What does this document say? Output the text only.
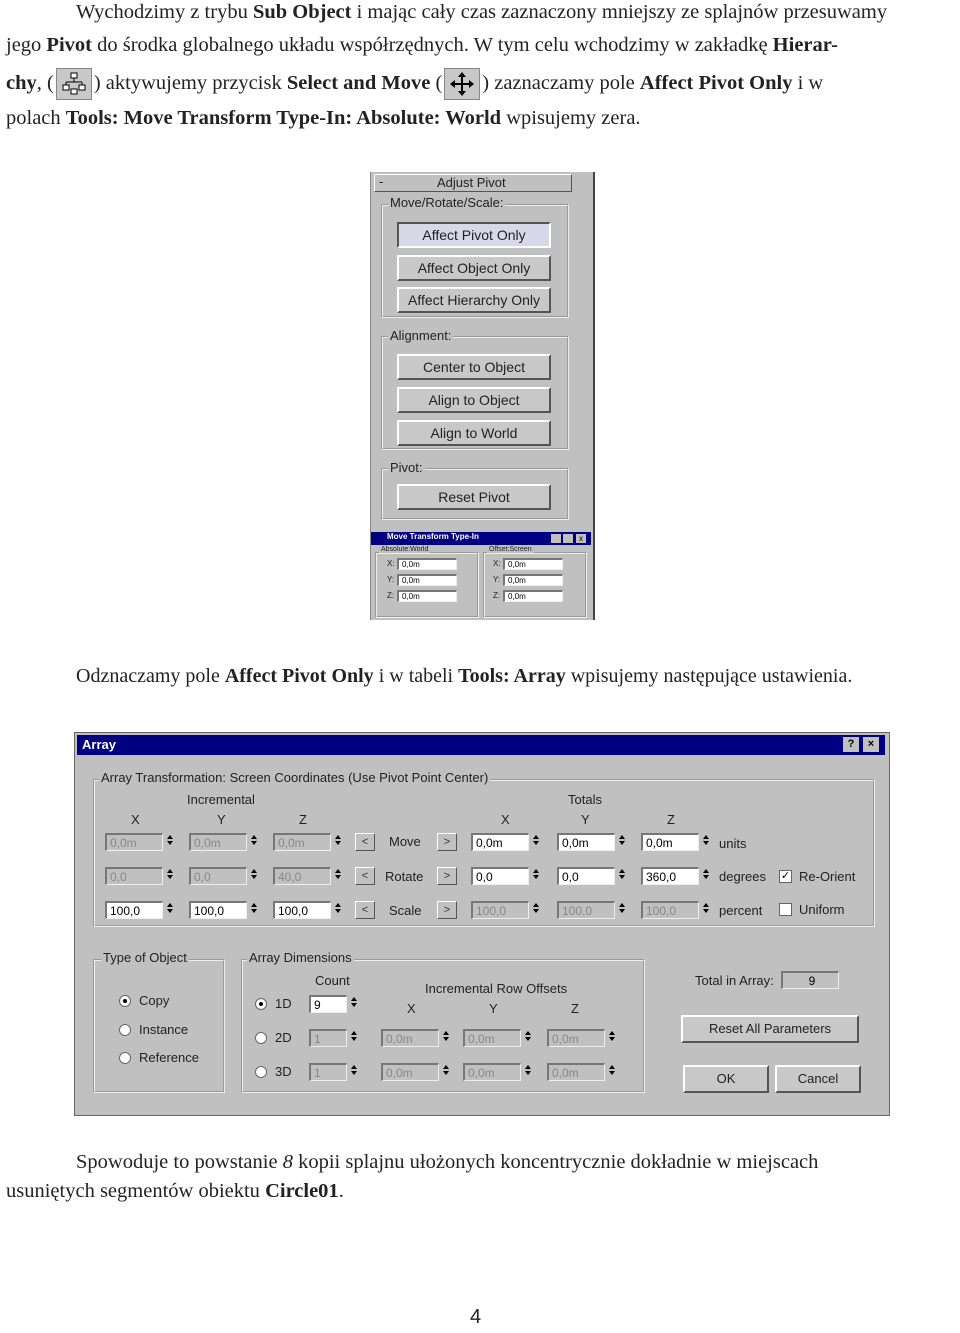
Wychodzimy z trybu Sub Object i mając cały czas zaznaczony mniejszy ze splajnów przesuwamy
jego Pivot do środka globalnego układu współrzędnych. W tym celu wchodzimy w zakładkę Hierar-
chy, ( ) aktywujemy przycisk Select and Move ( ) zaznaczamy pole Affect Pivot Only i w
polach Tools: Move Transform Type-In: Absolute: World wpisujemy zera.
-	Adjust Pivot
Move/Rotate/Scale:
Affect Pivot Only
Affect Object Only
Affect Hierarchy Only
Alignment:
Center to Object
Align to Object
Align to World
Pivot:
Reset Pivot
Move Transform Type-In	x
Absolute:World	Offset:Screen
X: 0,0m
Y: 0,0m
Z: 0,0m
X: 0,0m
Y: 0,0m
Z: 0,0m
Odznaczamy pole Affect Pivot Only i w tabeli Tools: Array wpisujemy następujące ustawienia.
Array	?	×
Array Transformation: Screen Coordinates (Use Pivot Point Center)
Incremental	Totals
X	Y	Z	X	Y	Z
0,0m	0,0m	0,0m	<	Move	>	0,0m	0,0m	0,0m	units
0,0	0,0	40,0	<	Rotate	>	0,0	0,0	360,0	degrees ✓ Re-Orient
100,0	100,0	100,0	<	Scale	>	100,0	100,0	100,0	percent	Uniform
Type of Object
Copy
Instance
Reference
Array Dimensions
Count
Incremental Row Offsets
X	Y	Z
1D	9
2D	1	0,0m	0,0m	0,0m
3D	1	0,0m	0,0m	0,0m
Total in Array:	9
Reset All Parameters
OK	Cancel
Spowoduje to powstanie 8 kopii splajnu ułożonych koncentrycznie dokładnie w miejscach
usuniętych segmentów obiektu Circle01.
4
